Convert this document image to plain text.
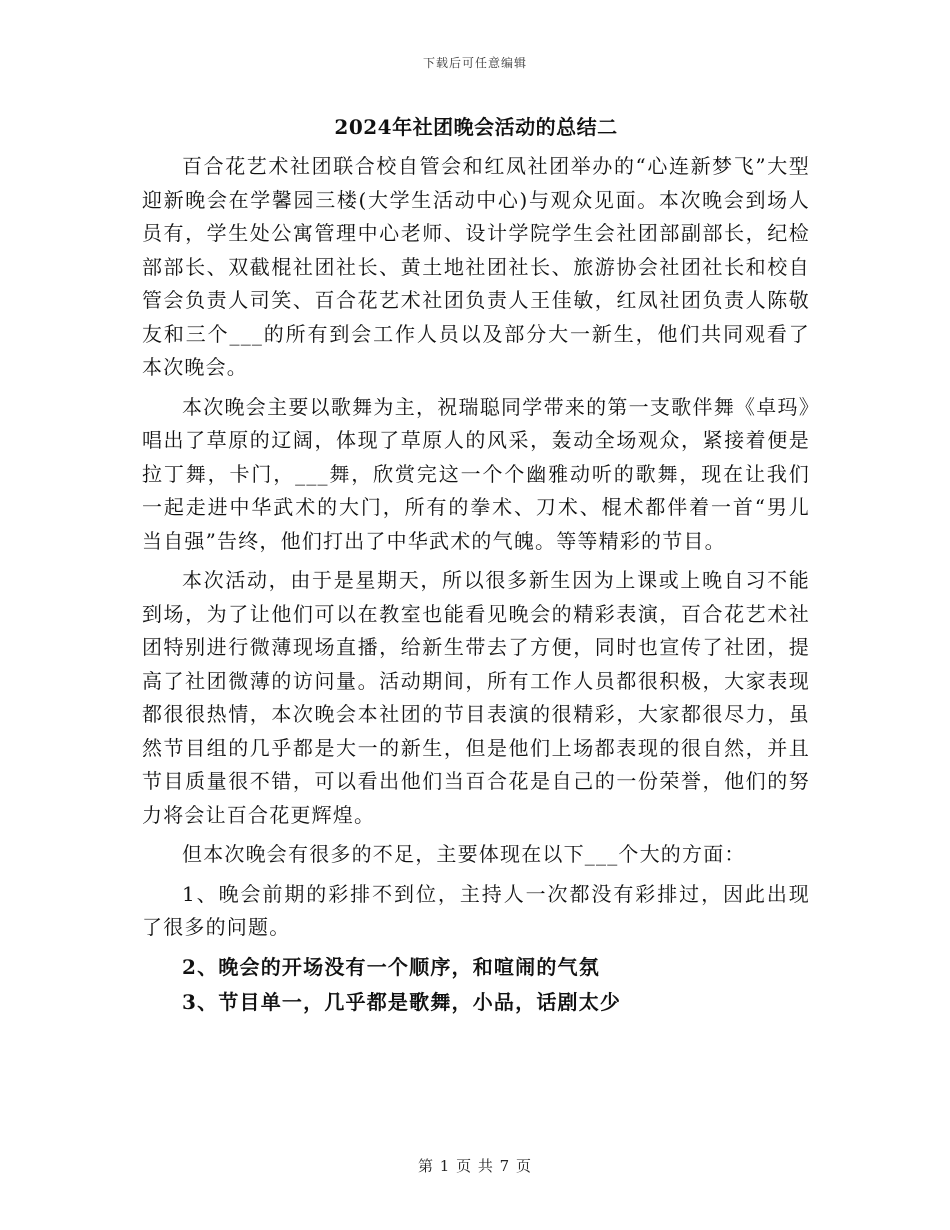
下载后可任意编辑
2024年社团晚会活动的总结二

百合花艺术社团联合校自管会和红凤社团举办的“心连新梦飞”大型迎新晚会在学馨园三楼(大学生活动中心)与观众见面。本次晚会到场人员有，学生处公寓管理中心老师、设计学院学生会社团部副部长，纪检部部长、双截棍社团社长、黄土地社团社长、旅游协会社团社长和校自管会负责人司笑、百合花艺术社团负责人王佳敏，红凤社团负责人陈敬友和三个___的所有到会工作人员以及部分大一新生，他们共同观看了本次晚会。

本次晚会主要以歌舞为主，祝瑞聪同学带来的第一支歌伴舞《卓玛》唱出了草原的辽阔，体现了草原人的风采，轰动全场观众，紧接着便是拉丁舞，卡门，___舞，欣赏完这一个个幽雅动听的歌舞，现在让我们一起走进中华武术的大门，所有的拳术、刀术、棍术都伴着一首“男儿当自强”告终，他们打出了中华武术的气魄。等等精彩的节目。

本次活动，由于是星期天，所以很多新生因为上课或上晚自习不能到场，为了让他们可以在教室也能看见晚会的精彩表演，百合花艺术社团特别进行微薄现场直播，给新生带去了方便，同时也宣传了社团，提高了社团微薄的访问量。活动期间，所有工作人员都很积极，大家表现都很很热情，本次晚会本社团的节目表演的很精彩，大家都很尽力，虽然节目组的几乎都是大一的新生，但是他们上场都表现的很自然，并且节目质量很不错，可以看出他们当百合花是自己的一份荣誉，他们的努力将会让百合花更辉煌。

但本次晚会有很多的不足，主要体现在以下___个大的方面：

1、晚会前期的彩排不到位，主持人一次都没有彩排过，因此出现了很多的问题。

2、晚会的开场没有一个顺序，和喧闹的气氛

3、节目单一，几乎都是歌舞，小品，话剧太少

第 1 页 共 7 页
